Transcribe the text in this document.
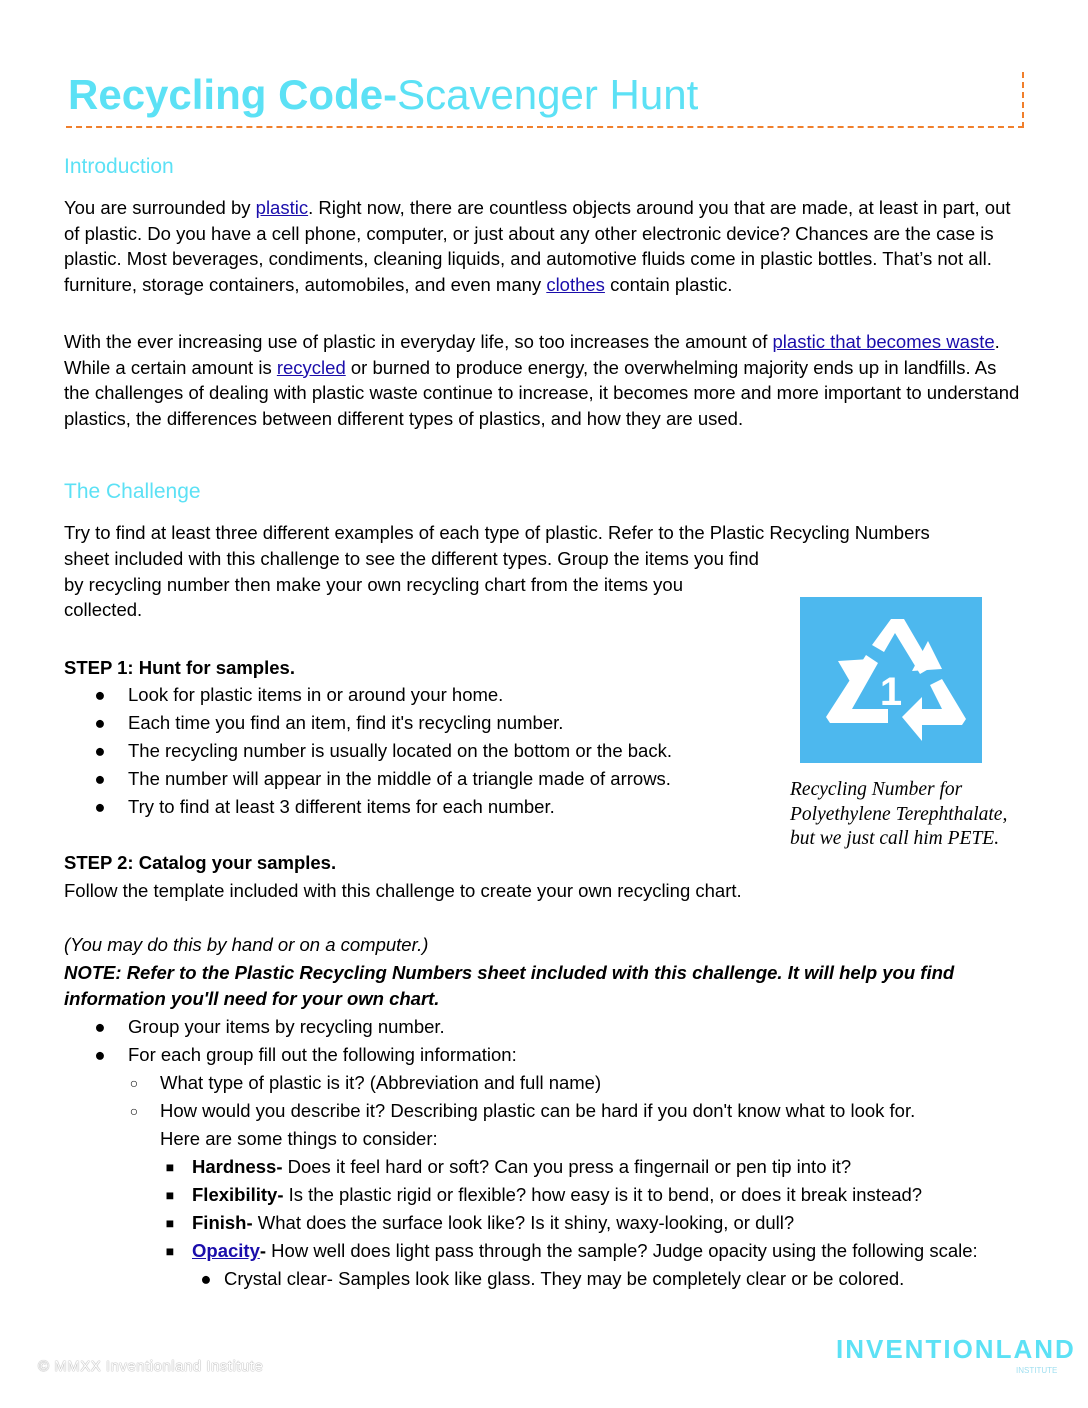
Recycling Code-Scavenger Hunt
Introduction
You are surrounded by plastic. Right now, there are countless objects around you that are made, at least in part, out of plastic. Do you have a cell phone, computer, or just about any other electronic device? Chances are the case is plastic. Most beverages, condiments, cleaning liquids, and automotive fluids come in plastic bottles. That’s not all. furniture, storage containers, automobiles, and even many clothes contain plastic.
With the ever increasing use of plastic in everyday life, so too increases the amount of plastic that becomes waste. While a certain amount is recycled or burned to produce energy, the overwhelming majority ends up in landfills. As the challenges of dealing with plastic waste continue to increase, it becomes more and more important to understand plastics, the differences between different types of plastics, and how they are used.
The Challenge
Try to find at least three different examples of each type of plastic. Refer to the Plastic Recycling Numbers
sheet included with this challenge to see the different types. Group the items you find by recycling number then make your own recycling chart from the items you collected.
STEP 1: Hunt for samples.
● Look for plastic items in or around your home.
● Each time you find an item, find it's recycling number.
● The recycling number is usually located on the bottom or the back.
● The number will appear in the middle of a triangle made of arrows.
● Try to find at least 3 different items for each number.
STEP 2: Catalog your samples.
Follow the template included with this challenge to create your own recycling chart.
(You may do this by hand or on a computer.)
NOTE: Refer to the Plastic Recycling Numbers sheet included with this challenge. It will help you find information you'll need for your own chart.
● Group your items by recycling number.
● For each group fill out the following information:
○	What type of plastic is it? (Abbreviation and full name)
○	How would you describe it? Describing plastic can be hard if you don't know what to look for.
Here are some things to consider:
■ Hardness- Does it feel hard or soft? Can you press a fingernail or pen tip into it?
■ Flexibility- Is the plastic rigid or flexible? how easy is it to bend, or does it break instead?
■ Finish- What does the surface look like? Is it shiny, waxy-looking, or dull?
■ Opacity- How well does light pass through the sample? Judge opacity using the following scale:
● Crystal clear- Samples look like glass. They may be completely clear or be colored.
1
Recycling Number for Polyethylene Terephthalate, but we just call him PETE.
© MMXX Inventionland Institute
INVENTIONLAND
INSTITUTE
